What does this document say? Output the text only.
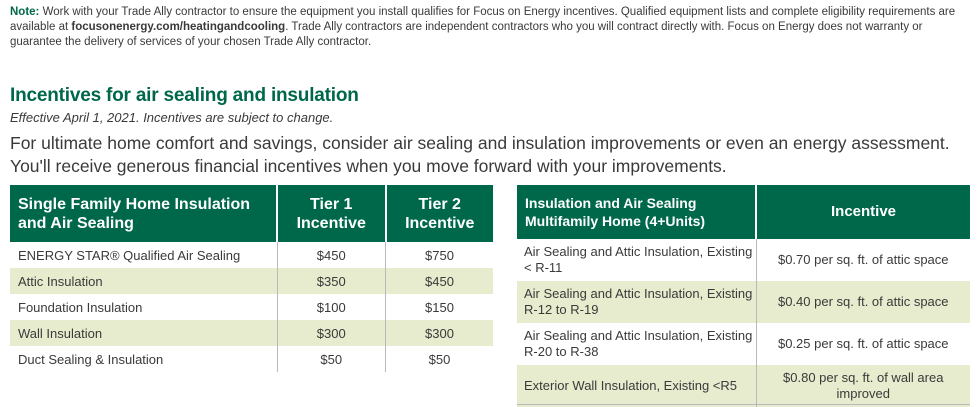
Note: Work with your Trade Ally contractor to ensure the equipment you install qualifies for Focus on Energy incentives. Qualified equipment lists and complete eligibility requirements are available at focusonenergy.com/heatingandcooling. Trade Ally contractors are independent contractors who you will contract directly with. Focus on Energy does not warranty or guarantee the delivery of services of your chosen Trade Ally contractor.
Incentives for air sealing and insulation
Effective April 1, 2021. Incentives are subject to change.
For ultimate home comfort and savings, consider air sealing and insulation improvements or even an energy assessment. You'll receive generous financial incentives when you move forward with your improvements.
Single Family Home Insulation and Air Sealing	Tier 1 Incentive	Tier 2 Incentive
ENERGY STAR® Qualified Air Sealing	$450	$750
Attic Insulation	$350	$450
Foundation Insulation	$100	$150
Wall Insulation	$300	$300
Duct Sealing & Insulation	$50	$50
Insulation and Air Sealing Multifamily Home (4+Units)	Incentive
Air Sealing and Attic Insulation, Existing < R-11	$0.70 per sq. ft. of attic space
Air Sealing and Attic Insulation, Existing R-12 to R-19	$0.40 per sq. ft. of attic space
Air Sealing and Attic Insulation, Existing R-20 to R-38	$0.25 per sq. ft. of attic space
Exterior Wall Insulation, Existing <R5	$0.80 per sq. ft. of wall area improved
